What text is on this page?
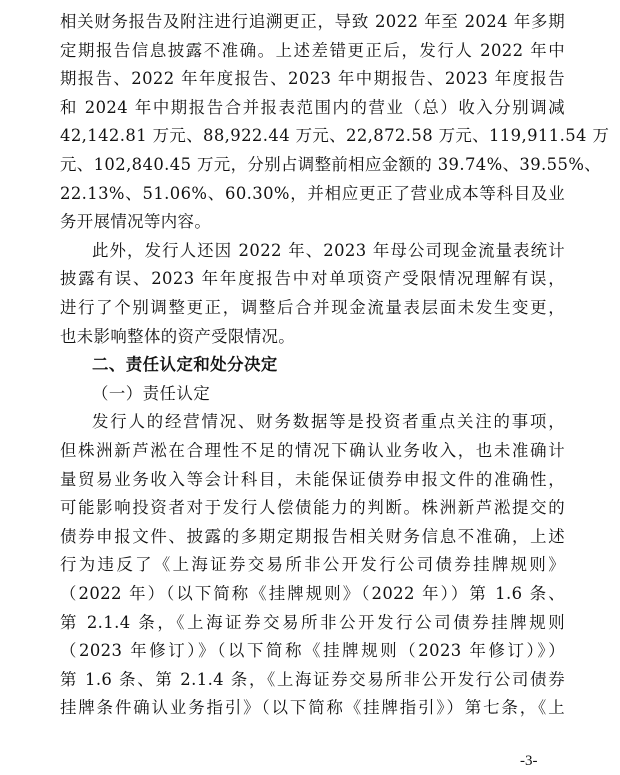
相关财务报告及附注进行追溯更正，导致 2022 年至 2024 年多期
定期报告信息披露不准确。上述差错更正后，发行人 2022 年中
期报告、2022 年年度报告、2023 年中期报告、2023 年度报告
和 2024 年中期报告合并报表范围内的营业（总）收入分别调减
42,142.81 万元、88,922.44 万元、22,872.58 万元、119,911.54 万
元、102,840.45 万元，分别占调整前相应金额的 39.74%、39.55%、
22.13%、51.06%、60.30%，并相应更正了营业成本等科目及业
务开展情况等内容。
此外，发行人还因 2022 年、2023 年母公司现金流量表统计
披露有误、2023 年年度报告中对单项资产受限情况理解有误，
进行了个别调整更正，调整后合并现金流量表层面未发生变更，
也未影响整体的资产受限情况。
二、责任认定和处分决定
（一）责任认定
发行人的经营情况、财务数据等是投资者重点关注的事项，
但株洲新芦淞在合理性不足的情况下确认业务收入，也未准确计
量贸易业务收入等会计科目，未能保证债券申报文件的准确性，
可能影响投资者对于发行人偿债能力的判断。株洲新芦淞提交的
债券申报文件、披露的多期定期报告相关财务信息不准确，上述
行为违反了《上海证券交易所非公开发行公司债券挂牌规则》
（2022 年）（以下简称《挂牌规则》（2022 年））第 1.6 条、
第 2.1.4 条，《上海证券交易所非公开发行公司债券挂牌规则
（2023 年修订）》（以下简称《挂牌规则（2023 年修订）》）
第 1.6 条、第 2.1.4 条，《上海证券交易所非公开发行公司债券
挂牌条件确认业务指引》（以下简称《挂牌指引》）第七条，《上
-3-
